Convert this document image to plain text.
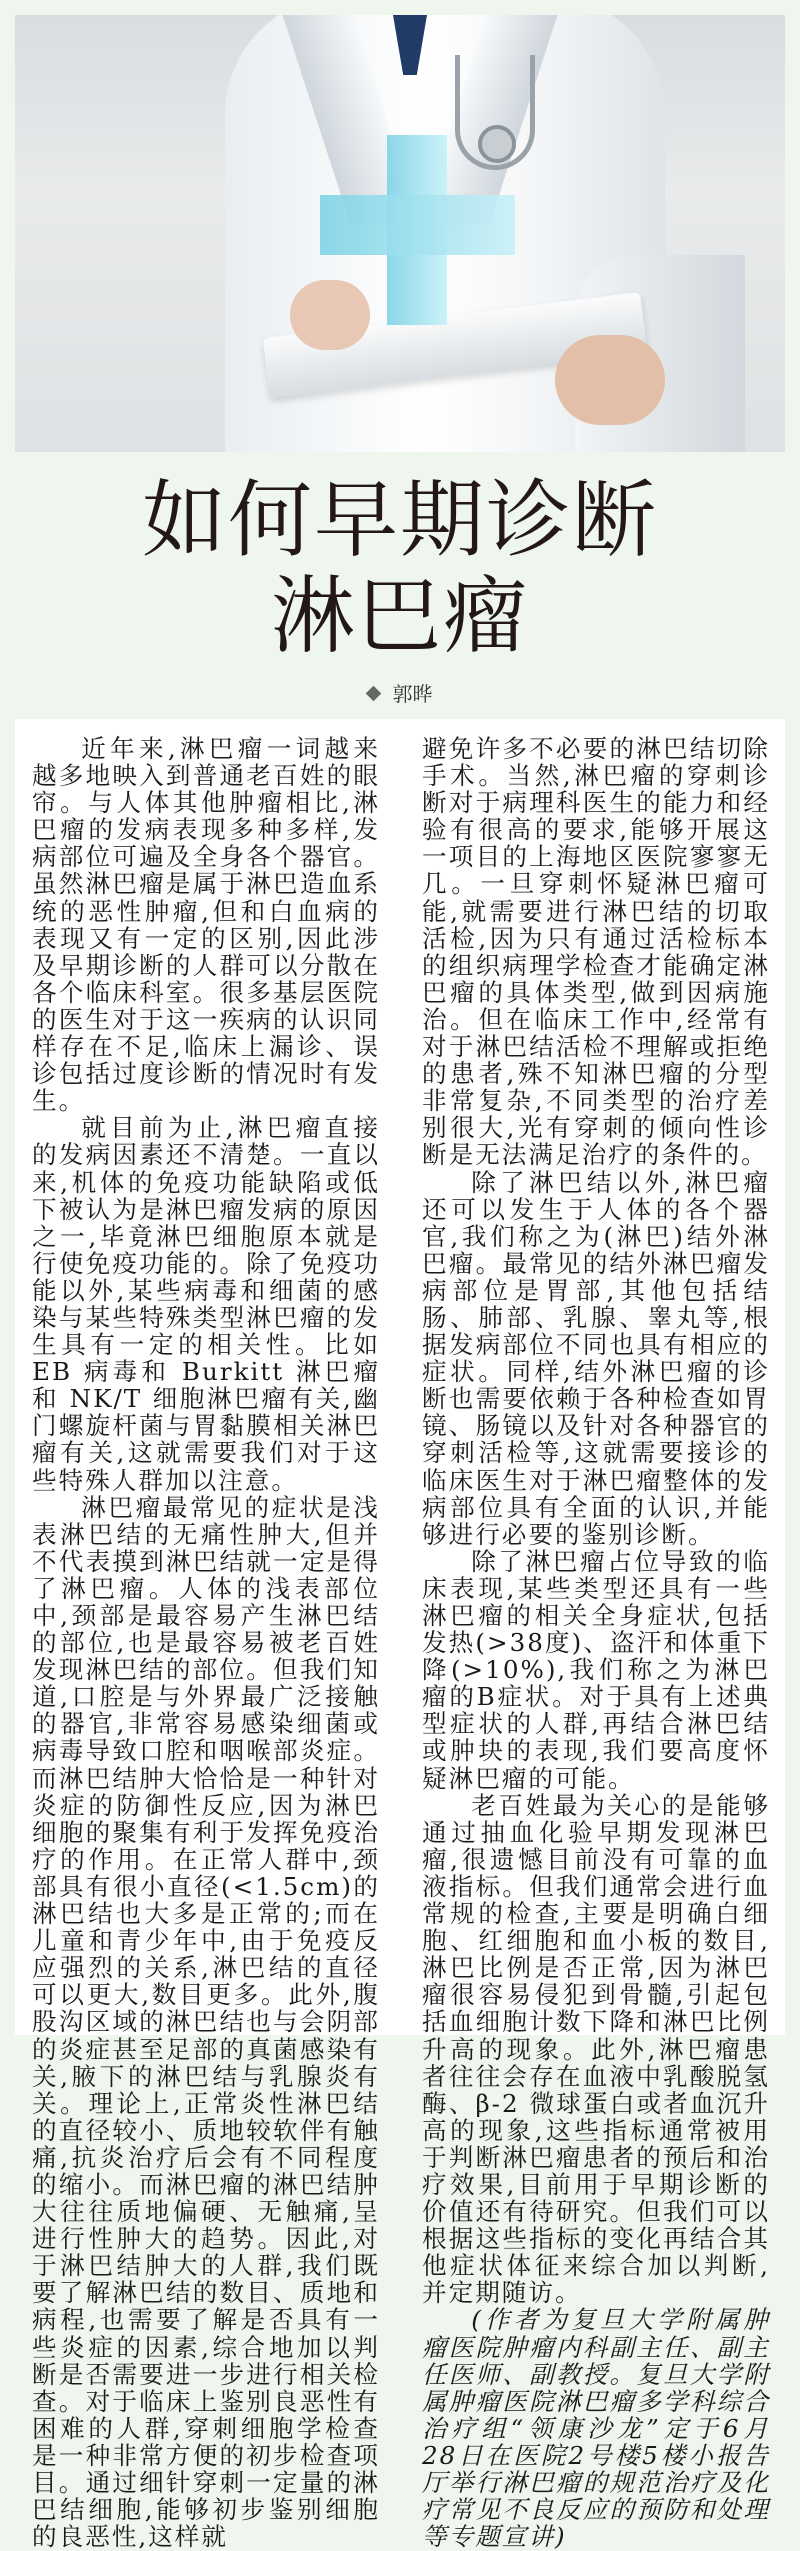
如何早期诊断
淋巴瘤
郭晔

近年来,淋巴瘤一词越来越多地映入到普通老百姓的眼帘。与人体其他肿瘤相比,淋巴瘤的发病表现多种多样,发病部位可遍及全身各个器官。虽然淋巴瘤是属于淋巴造血系统的恶性肿瘤,但和白血病的表现又有一定的区别,因此涉及早期诊断的人群可以分散在各个临床科室。很多基层医院的医生对于这一疾病的认识同样存在不足,临床上漏诊、误诊包括过度诊断的情况时有发生。

就目前为止,淋巴瘤直接的发病因素还不清楚。一直以来,机体的免疫功能缺陷或低下被认为是淋巴瘤发病的原因之一,毕竟淋巴细胞原本就是行使免疫功能的。除了免疫功能以外,某些病毒和细菌的感染与某些特殊类型淋巴瘤的发生具有一定的相关性。比如 EB 病毒和 Burkitt 淋巴瘤和 NK/T 细胞淋巴瘤有关,幽门螺旋杆菌与胃黏膜相关淋巴瘤有关,这就需要我们对于这些特殊人群加以注意。

淋巴瘤最常见的症状是浅表淋巴结的无痛性肿大,但并不代表摸到淋巴结就一定是得了淋巴瘤。人体的浅表部位中,颈部是最容易产生淋巴结的部位,也是最容易被老百姓发现淋巴结的部位。但我们知道,口腔是与外界最广泛接触的器官,非常容易感染细菌或病毒导致口腔和咽喉部炎症。而淋巴结肿大恰恰是一种针对炎症的防御性反应,因为淋巴细胞的聚集有利于发挥免疫治疗的作用。在正常人群中,颈部具有很小直径(<1.5cm)的淋巴结也大多是正常的;而在儿童和青少年中,由于免疫反应强烈的关系,淋巴结的直径可以更大,数目更多。此外,腹股沟区域的淋巴结也与会阴部的炎症甚至足部的真菌感染有关,腋下的淋巴结与乳腺炎有关。理论上,正常炎性淋巴结的直径较小、质地较软伴有触痛,抗炎治疗后会有不同程度的缩小。而淋巴瘤的淋巴结肿大往往质地偏硬、无触痛,呈进行性肿大的趋势。因此,对于淋巴结肿大的人群,我们既要了解淋巴结的数目、质地和病程,也需要了解是否具有一些炎症的因素,综合地加以判断是否需要进一步进行相关检查。对于临床上鉴别良恶性有困难的人群,穿刺细胞学检查是一种非常方便的初步检查项目。通过细针穿刺一定量的淋巴结细胞,能够初步鉴别细胞的良恶性,这样就

避免许多不必要的淋巴结切除手术。当然,淋巴瘤的穿刺诊断对于病理科医生的能力和经验有很高的要求,能够开展这一项目的上海地区医院寥寥无几。一旦穿刺怀疑淋巴瘤可能,就需要进行淋巴结的切取活检,因为只有通过活检标本的组织病理学检查才能确定淋巴瘤的具体类型,做到因病施治。但在临床工作中,经常有对于淋巴结活检不理解或拒绝的患者,殊不知淋巴瘤的分型非常复杂,不同类型的治疗差别很大,光有穿刺的倾向性诊断是无法满足治疗的条件的。

除了淋巴结以外,淋巴瘤还可以发生于人体的各个器官,我们称之为(淋巴)结外淋巴瘤。最常见的结外淋巴瘤发病部位是胃部,其他包括结肠、肺部、乳腺、睾丸等,根据发病部位不同也具有相应的症状。同样,结外淋巴瘤的诊断也需要依赖于各种检查如胃镜、肠镜以及针对各种器官的穿刺活检等,这就需要接诊的临床医生对于淋巴瘤整体的发病部位具有全面的认识,并能够进行必要的鉴别诊断。

除了淋巴瘤占位导致的临床表现,某些类型还具有一些淋巴瘤的相关全身症状,包括发热(>38度)、盗汗和体重下降(>10%),我们称之为淋巴瘤的B症状。对于具有上述典型症状的人群,再结合淋巴结或肿块的表现,我们要高度怀疑淋巴瘤的可能。

老百姓最为关心的是能够通过抽血化验早期发现淋巴瘤,很遗憾目前没有可靠的血液指标。但我们通常会进行血常规的检查,主要是明确白细胞、红细胞和血小板的数目,淋巴比例是否正常,因为淋巴瘤很容易侵犯到骨髓,引起包括血细胞计数下降和淋巴比例升高的现象。此外,淋巴瘤患者往往会存在血液中乳酸脱氢酶、β-2 微球蛋白或者血沉升高的现象,这些指标通常被用于判断淋巴瘤患者的预后和治疗效果,目前用于早期诊断的价值还有待研究。但我们可以根据这些指标的变化再结合其他症状体征来综合加以判断,并定期随访。

(作者为复旦大学附属肿瘤医院肿瘤内科副主任、副主任医师、副教授。复旦大学附属肿瘤医院淋巴瘤多学科综合治疗组“领康沙龙”定于6月28日在医院2号楼5楼小报告厅举行淋巴瘤的规范治疗及化疗常见不良反应的预防和处理等专题宣讲)
